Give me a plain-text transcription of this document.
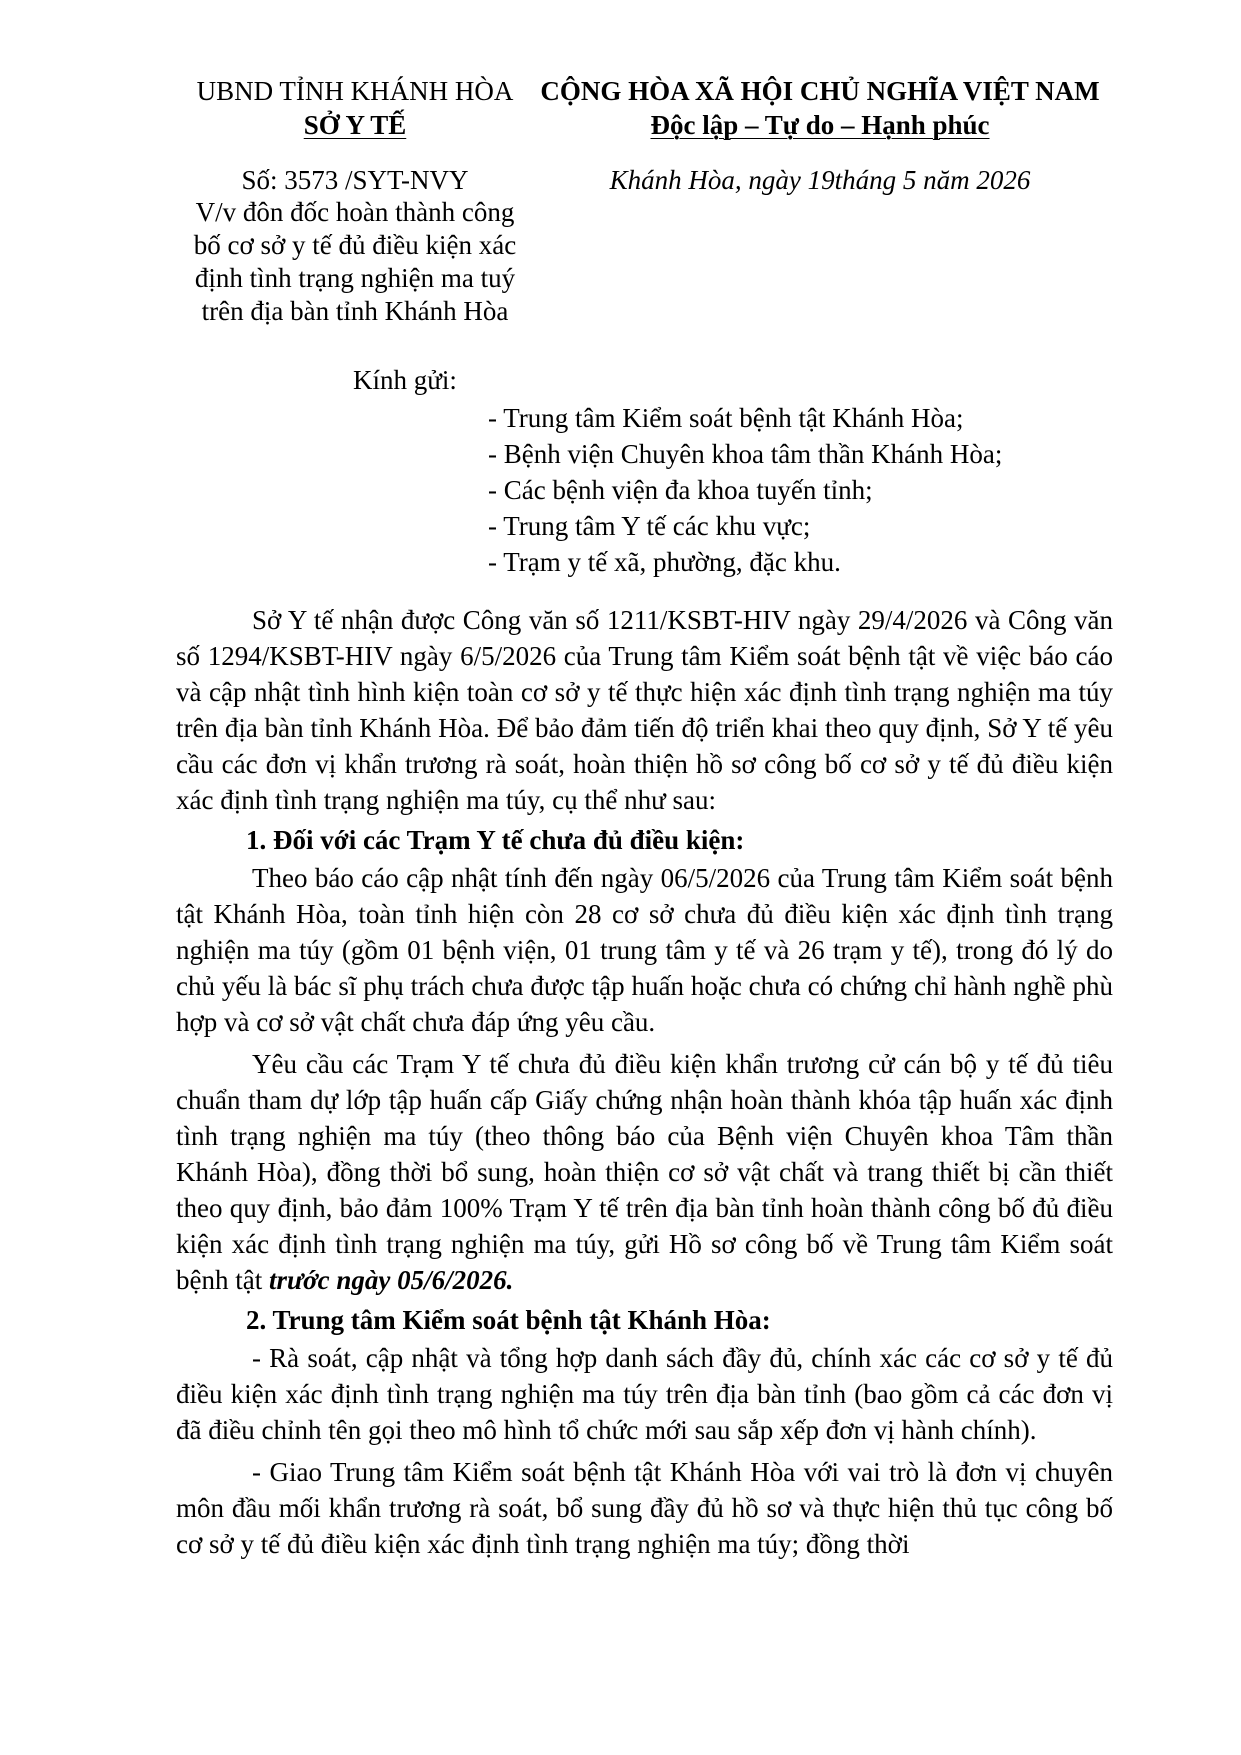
UBND TỈNH KHÁNH HÒA
SỞ Y TẾ
CỘNG HÒA XÃ HỘI CHỦ NGHĨA VIỆT NAM
Độc lập – Tự do – Hạnh phúc
Số: 3573 /SYT-NVY	Khánh Hòa, ngày 19tháng 5 năm 2026
V/v đôn đốc hoàn thành công
bố cơ sở y tế đủ điều kiện xác
định tình trạng nghiện ma tuý
trên địa bàn tỉnh Khánh Hòa
Kính gửi:
- Trung tâm Kiểm soát bệnh tật Khánh Hòa;
- Bệnh viện Chuyên khoa tâm thần Khánh Hòa;
- Các bệnh viện đa khoa tuyến tỉnh;
- Trung tâm Y tế các khu vực;
- Trạm y tế xã, phường, đặc khu.

Sở Y tế nhận được Công văn số 1211/KSBT-HIV ngày 29/4/2026 và Công văn số 1294/KSBT-HIV ngày 6/5/2026 của Trung tâm Kiểm soát bệnh tật về việc báo cáo và cập nhật tình hình kiện toàn cơ sở y tế thực hiện xác định tình trạng nghiện ma túy trên địa bàn tỉnh Khánh Hòa. Để bảo đảm tiến độ triển khai theo quy định, Sở Y tế yêu cầu các đơn vị khẩn trương rà soát, hoàn thiện hồ sơ công bố cơ sở y tế đủ điều kiện xác định tình trạng nghiện ma túy, cụ thể như sau:

1. Đối với các Trạm Y tế chưa đủ điều kiện:

Theo báo cáo cập nhật tính đến ngày 06/5/2026 của Trung tâm Kiểm soát bệnh tật Khánh Hòa, toàn tỉnh hiện còn 28 cơ sở chưa đủ điều kiện xác định tình trạng nghiện ma túy (gồm 01 bệnh viện, 01 trung tâm y tế và 26 trạm y tế), trong đó lý do chủ yếu là bác sĩ phụ trách chưa được tập huấn hoặc chưa có chứng chỉ hành nghề phù hợp và cơ sở vật chất chưa đáp ứng yêu cầu.

Yêu cầu các Trạm Y tế chưa đủ điều kiện khẩn trương cử cán bộ y tế đủ tiêu chuẩn tham dự lớp tập huấn cấp Giấy chứng nhận hoàn thành khóa tập huấn xác định tình trạng nghiện ma túy (theo thông báo của Bệnh viện Chuyên khoa Tâm thần Khánh Hòa), đồng thời bổ sung, hoàn thiện cơ sở vật chất và trang thiết bị cần thiết theo quy định, bảo đảm 100% Trạm Y tế trên địa bàn tỉnh hoàn thành công bố đủ điều kiện xác định tình trạng nghiện ma túy, gửi Hồ sơ công bố về Trung tâm Kiểm soát bệnh tật trước ngày 05/6/2026.

2. Trung tâm Kiểm soát bệnh tật Khánh Hòa:

- Rà soát, cập nhật và tổng hợp danh sách đầy đủ, chính xác các cơ sở y tế đủ điều kiện xác định tình trạng nghiện ma túy trên địa bàn tỉnh (bao gồm cả các đơn vị đã điều chỉnh tên gọi theo mô hình tổ chức mới sau sắp xếp đơn vị hành chính).

- Giao Trung tâm Kiểm soát bệnh tật Khánh Hòa với vai trò là đơn vị chuyên môn đầu mối khẩn trương rà soát, bổ sung đầy đủ hồ sơ và thực hiện thủ tục công bố cơ sở y tế đủ điều kiện xác định tình trạng nghiện ma túy; đồng thời
